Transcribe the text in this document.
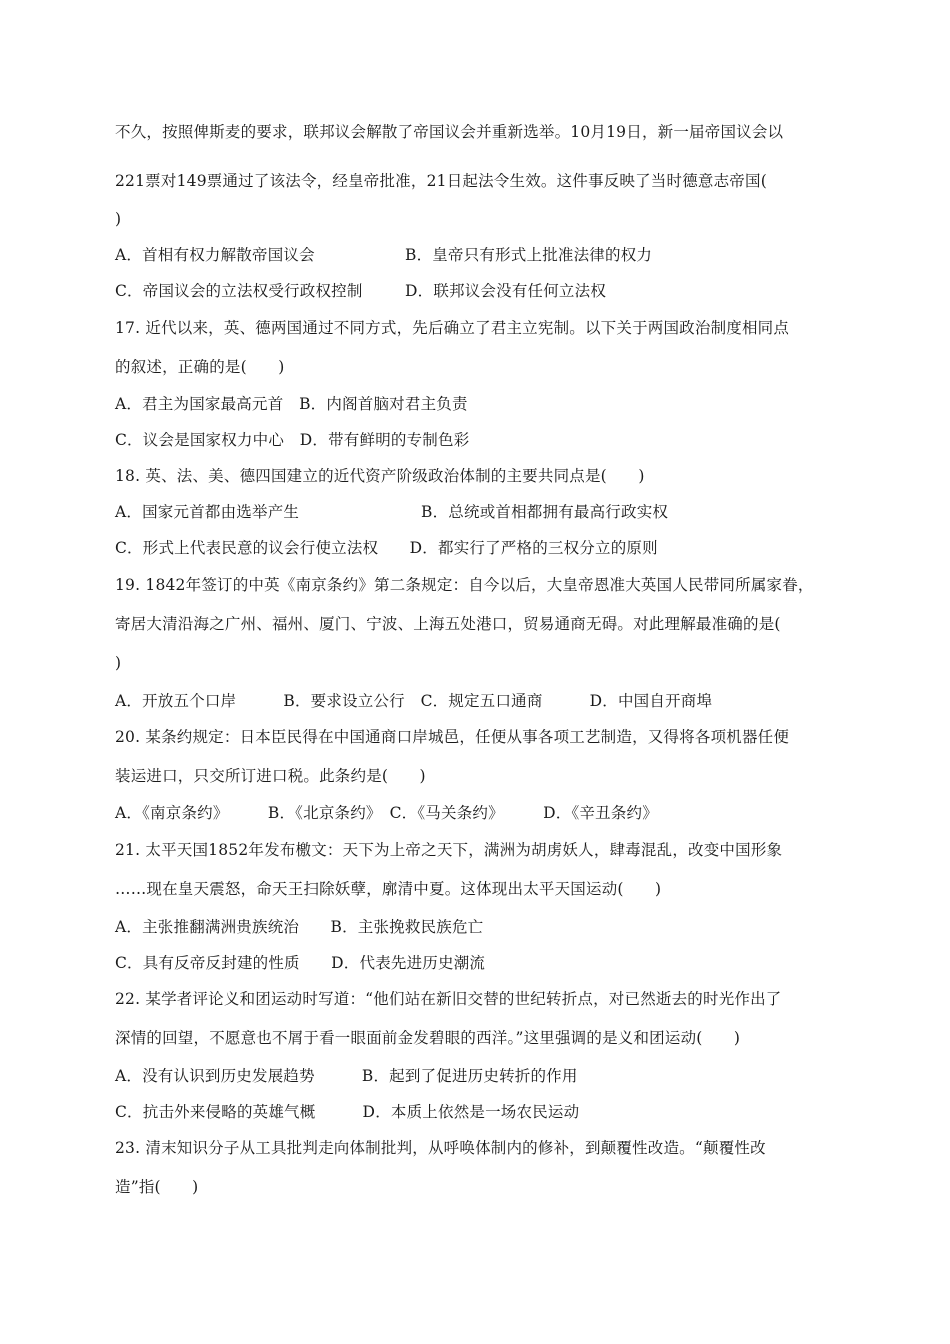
不久，按照俾斯麦的要求，联邦议会解散了帝国议会并重新选举。10月19日，新一届帝国议会以
221票对149票通过了该法令，经皇帝批准，21日起法令生效。这件事反映了当时德意志帝国(
)
A．首相有权力解散帝国议会	B．皇帝只有形式上批准法律的权力
C．帝国议会的立法权受行政权控制	D．联邦议会没有任何立法权
17. 近代以来，英、德两国通过不同方式，先后确立了君主立宪制。以下关于两国政治制度相同点
的叙述，正确的是(　　)
A．君主为国家最高元首　B．内阁首脑对君主负责
C．议会是国家权力中心　D．带有鲜明的专制色彩
18. 英、法、美、德四国建立的近代资产阶级政治体制的主要共同点是(　　)
A．国家元首都由选举产生	B．总统或首相都拥有最高行政实权
C．形式上代表民意的议会行使立法权　　D．都实行了严格的三权分立的原则
19. 1842年签订的中英《南京条约》第二条规定：自今以后，大皇帝恩准大英国人民带同所属家眷，
寄居大清沿海之广州、福州、厦门、宁波、上海五处港口，贸易通商无碍。对此理解最准确的是(
)
A．开放五个口岸　　　B．要求设立公行　C．规定五口通商　　　D．中国自开商埠
20. 某条约规定：日本臣民得在中国通商口岸城邑，任便从事各项工艺制造，又得将各项机器任便
装运进口，只交所订进口税。此条约是(　　)
A．《南京条约》　　　B．《北京条约》　C．《马关条约》　　　D．《辛丑条约》
21. 太平天国1852年发布檄文：天下为上帝之天下，满洲为胡虏妖人，肆毒混乱，改变中国形象
……现在皇天震怒，命天王扫除妖孽，廓清中夏。这体现出太平天国运动(　　)
A．主张推翻满洲贵族统治　　B．主张挽救民族危亡
C．具有反帝反封建的性质　　D．代表先进历史潮流
22. 某学者评论义和团运动时写道：“他们站在新旧交替的世纪转折点，对已然逝去的时光作出了
深情的回望，不愿意也不屑于看一眼面前金发碧眼的西洋。”这里强调的是义和团运动(　　)
A．没有认识到历史发展趋势　　　B．起到了促进历史转折的作用
C．抗击外来侵略的英雄气概　　　D．本质上依然是一场农民运动
23. 清末知识分子从工具批判走向体制批判，从呼唤体制内的修补，到颠覆性改造。“颠覆性改
造”指(　　)
